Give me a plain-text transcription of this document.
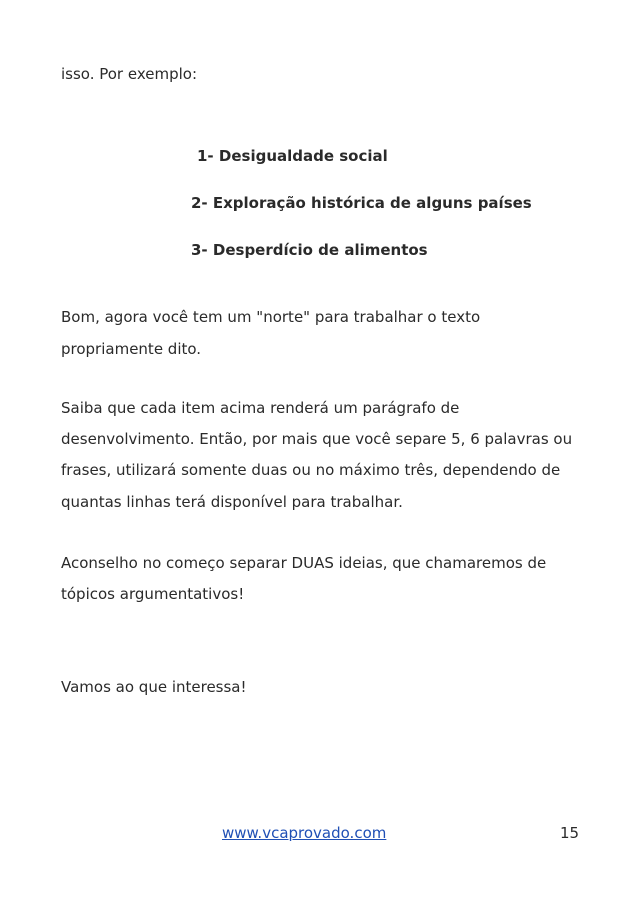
isso. Por exemplo:

1- Desigualdade social

2- Exploração histórica de alguns países

3- Desperdício de alimentos

Bom, agora você tem um "norte" para trabalhar o texto

propriamente dito.

Saiba que cada item acima renderá um parágrafo de

desenvolvimento. Então, por mais que você separe 5, 6 palavras ou

frases, utilizará somente duas ou no máximo três, dependendo de

quantas linhas terá disponível para trabalhar.

Aconselho no começo separar DUAS ideias, que chamaremos de

tópicos argumentativos!

Vamos ao que interessa!

www.vcaprovado.com	15
